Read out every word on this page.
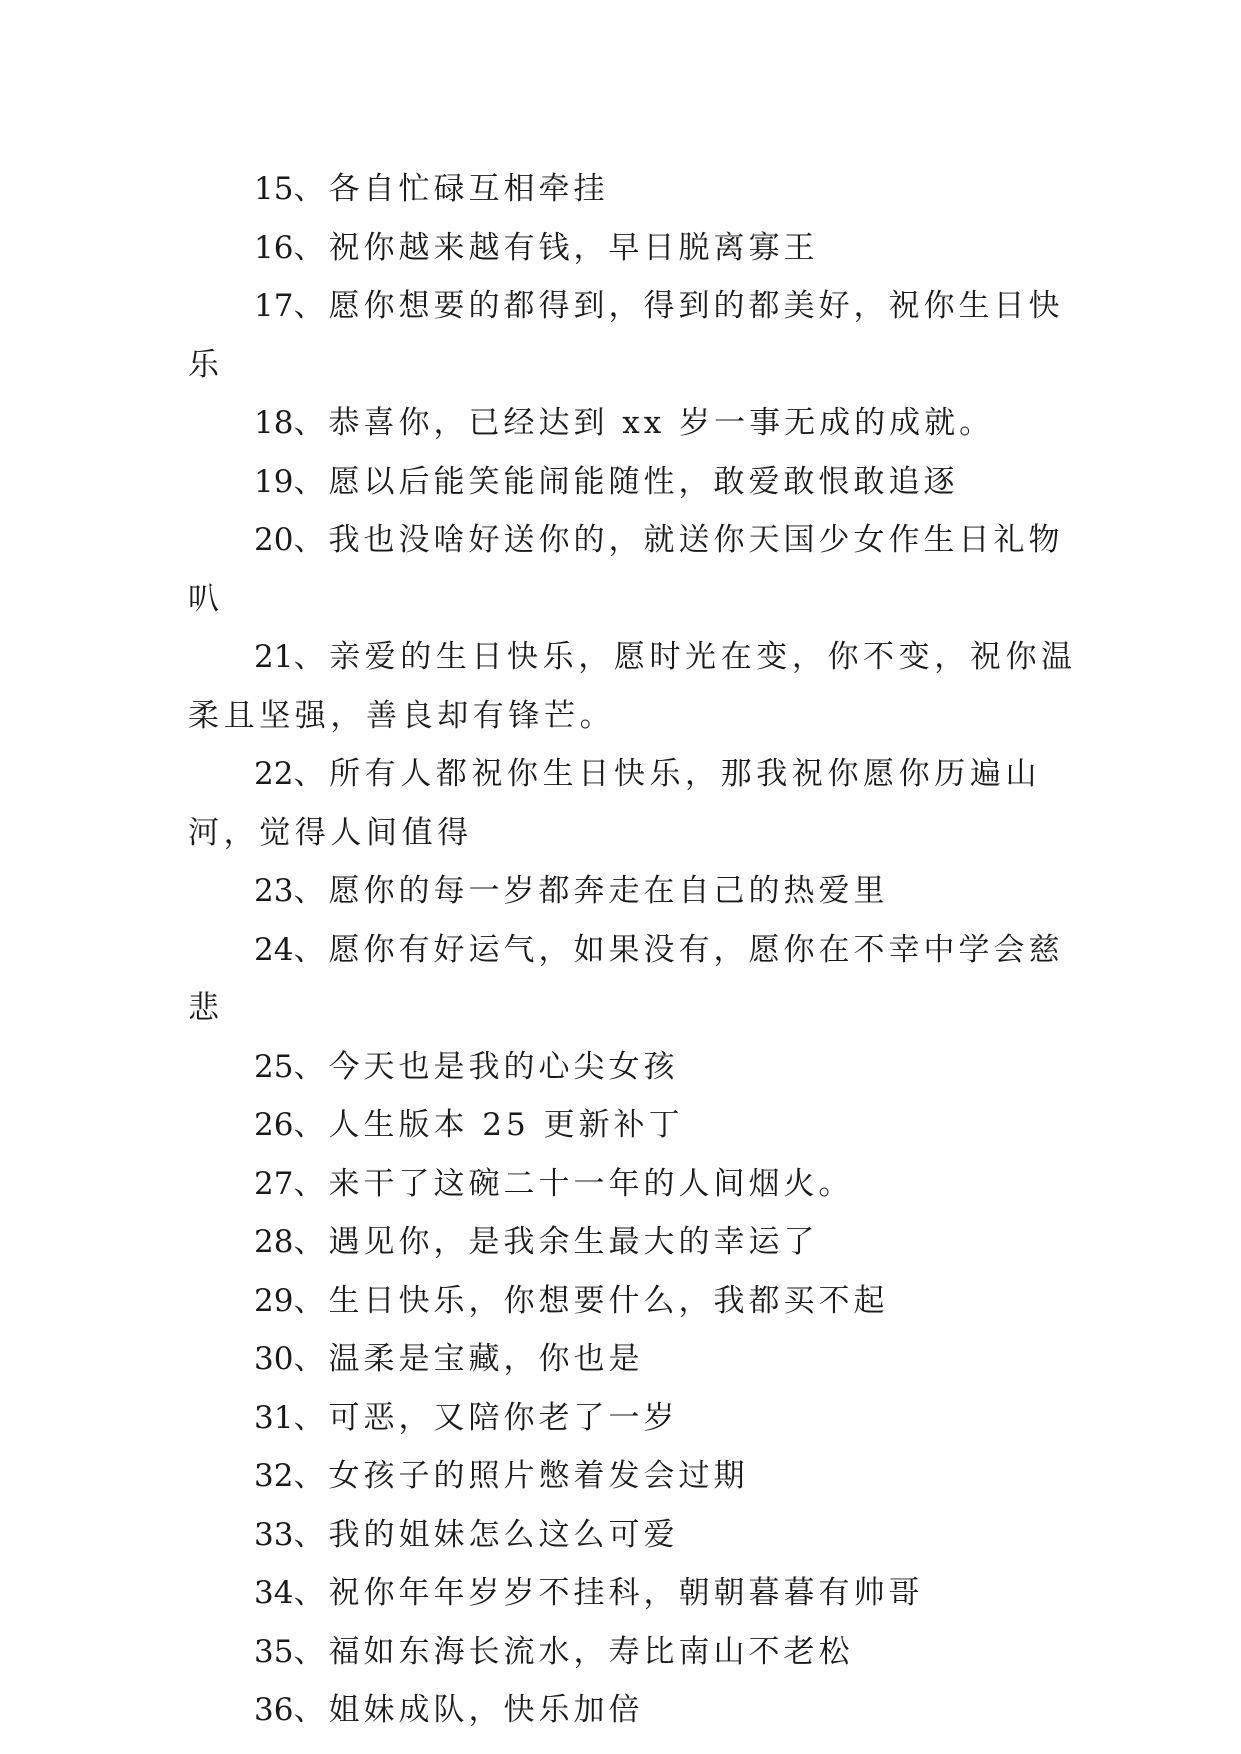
15、各自忙碌互相牵挂

16、祝你越来越有钱，早日脱离寡王

17、愿你想要的都得到，得到的都美好，祝你生日快乐

18、恭喜你，已经达到 xx 岁一事无成的成就。

19、愿以后能笑能闹能随性，敢爱敢恨敢追逐

20、我也没啥好送你的，就送你天国少女作生日礼物叭

21、亲爱的生日快乐，愿时光在变，你不变，祝你温柔且坚强，善良却有锋芒。

22、所有人都祝你生日快乐，那我祝你愿你历遍山河，觉得人间值得

23、愿你的每一岁都奔走在自己的热爱里

24、愿你有好运气，如果没有，愿你在不幸中学会慈悲

25、今天也是我的心尖女孩

26、人生版本 25 更新补丁

27、来干了这碗二十一年的人间烟火。

28、遇见你，是我余生最大的幸运了

29、生日快乐，你想要什么，我都买不起

30、温柔是宝藏，你也是

31、可恶，又陪你老了一岁

32、女孩子的照片憋着发会过期

33、我的姐妹怎么这么可爱

34、祝你年年岁岁不挂科，朝朝暮暮有帅哥

35、福如东海长流水，寿比南山不老松

36、姐妹成队，快乐加倍
